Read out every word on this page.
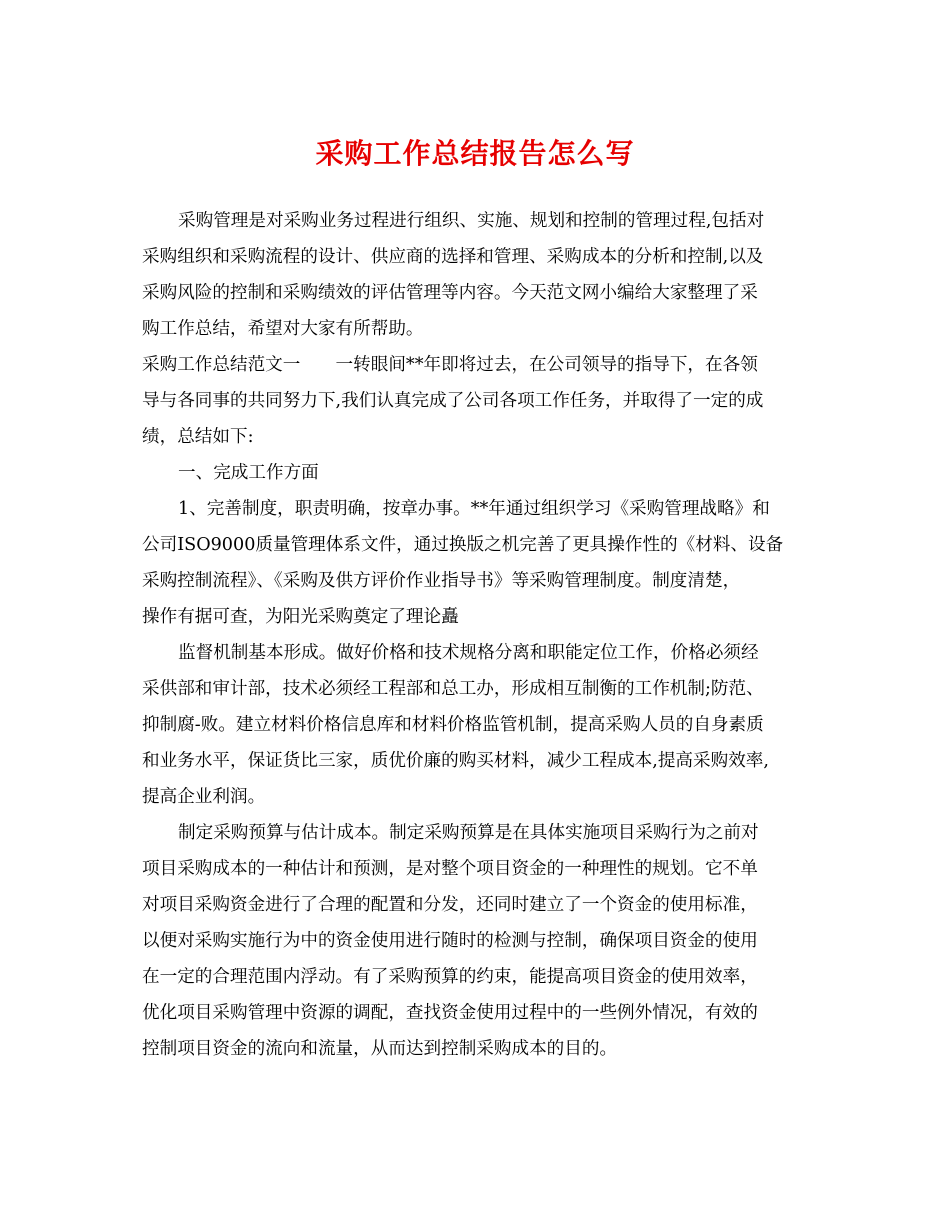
采购工作总结报告怎么写
采购管理是对采购业务过程进行组织、实施、规划和控制的管理过程,包括对
采购组织和采购流程的设计、供应商的选择和管理、采购成本的分析和控制,以及
采购风险的控制和采购绩效的评估管理等内容。今天范文网小编给大家整理了采
购工作总结，希望对大家有所帮助。
采购工作总结范文一　　一转眼间**年即将过去，在公司领导的指导下，在各领
导与各同事的共同努力下,我们认真完成了公司各项工作任务，并取得了一定的成
绩，总结如下:
一、完成工作方面
1、完善制度，职责明确，按章办事。**年通过组织学习《采购管理战略》和
公司ISO9000质量管理体系文件，通过换版之机完善了更具操作性的《材料、设备
采购控制流程》、《采购及供方评价作业指导书》等采购管理制度。制度清楚，
操作有据可查，为阳光采购奠定了理论矗
监督机制基本形成。做好价格和技术规格分离和职能定位工作，价格必须经
采供部和审计部，技术必须经工程部和总工办，形成相互制衡的工作机制;防范、
抑制腐-败。建立材料价格信息库和材料价格监管机制，提高采购人员的自身素质
和业务水平，保证货比三家，质优价廉的购买材料，减少工程成本,提高采购效率,
提高企业利润。
制定采购预算与估计成本。制定采购预算是在具体实施项目采购行为之前对
项目采购成本的一种估计和预测，是对整个项目资金的一种理性的规划。它不单
对项目采购资金进行了合理的配置和分发，还同时建立了一个资金的使用标准，
以便对采购实施行为中的资金使用进行随时的检测与控制，确保项目资金的使用
在一定的合理范围内浮动。有了采购预算的约束，能提高项目资金的使用效率，
优化项目采购管理中资源的调配，查找资金使用过程中的一些例外情况，有效的
控制项目资金的流向和流量，从而达到控制采购成本的目的。
